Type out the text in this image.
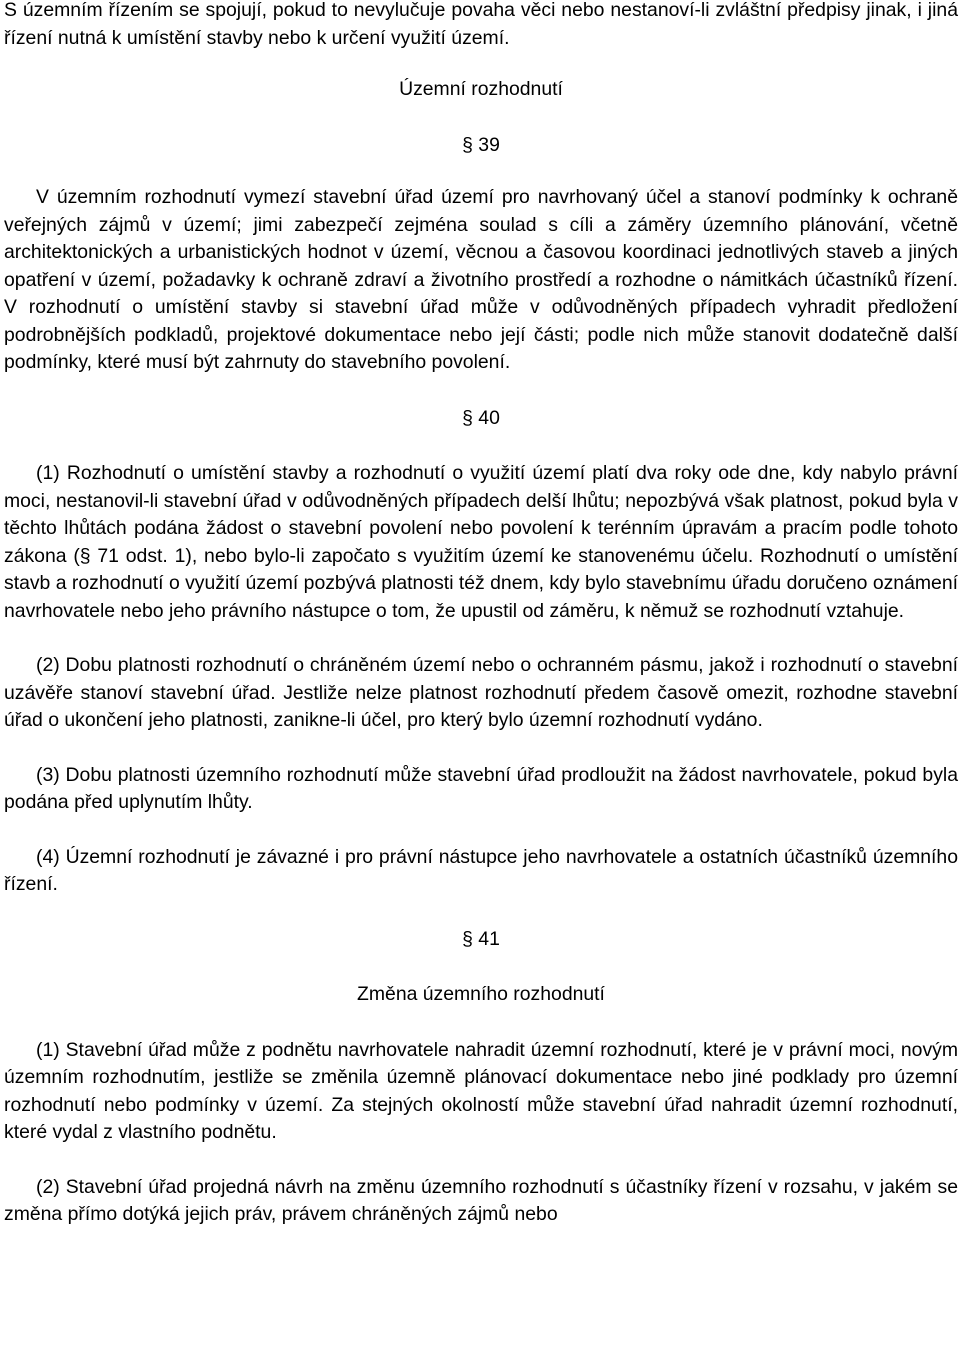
S územním řízením se spojují, pokud to nevylučuje povaha věci nebo nestanoví-li zvláštní předpisy jinak, i jiná řízení nutná k umístění stavby nebo k určení využití území.

Územní rozhodnutí

§ 39

V územním rozhodnutí vymezí stavební úřad území pro navrhovaný účel a stanoví podmínky k ochraně veřejných zájmů v území; jimi zabezpečí zejména soulad s cíli a záměry územního plánování, včetně architektonických a urbanistických hodnot v území, věcnou a časovou koordinaci jednotlivých staveb a jiných opatření v území, požadavky k ochraně zdraví a životního prostředí a rozhodne o námitkách účastníků řízení. V rozhodnutí o umístění stavby si stavební úřad může v odůvodněných případech vyhradit předložení podrobnějších podkladů, projektové dokumentace nebo její části; podle nich může stanovit dodatečně další podmínky, které musí být zahrnuty do stavebního povolení.

§ 40

(1) Rozhodnutí o umístění stavby a rozhodnutí o využití území platí dva roky ode dne, kdy nabylo právní moci, nestanovil-li stavební úřad v odůvodněných případech delší lhůtu; nepozbývá však platnost, pokud byla v těchto lhůtách podána žádost o stavební povolení nebo povolení k terénním úpravám a pracím podle tohoto zákona (§ 71 odst. 1), nebo bylo-li započato s využitím území ke stanovenému účelu. Rozhodnutí o umístění stavb a rozhodnutí o využití území pozbývá platnosti též dnem, kdy bylo stavebnímu úřadu doručeno oznámení navrhovatele nebo jeho právního nástupce o tom, že upustil od záměru, k němuž se rozhodnutí vztahuje.

(2) Dobu platnosti rozhodnutí o chráněném území nebo o ochranném pásmu, jakož i rozhodnutí o stavební uzávěře stanoví stavební úřad. Jestliže nelze platnost rozhodnutí předem časově omezit, rozhodne stavební úřad o ukončení jeho platnosti, zanikne-li účel, pro který bylo územní rozhodnutí vydáno.

(3) Dobu platnosti územního rozhodnutí může stavební úřad prodloužit na žádost navrhovatele, pokud byla podána před uplynutím lhůty.

(4) Územní rozhodnutí je závazné i pro právní nástupce jeho navrhovatele a ostatních účastníků územního řízení.

§ 41

Změna územního rozhodnutí

(1) Stavební úřad může z podnětu navrhovatele nahradit územní rozhodnutí, které je v právní moci, novým územním rozhodnutím, jestliže se změnila územně plánovací dokumentace nebo jiné podklady pro územní rozhodnutí nebo podmínky v území. Za stejných okolností může stavební úřad nahradit územní rozhodnutí, které vydal z vlastního podnětu.

(2) Stavební úřad projedná návrh na změnu územního rozhodnutí s účastníky řízení v rozsahu, v jakém se změna přímo dotýká jejich práv, právem chráněných zájmů nebo
